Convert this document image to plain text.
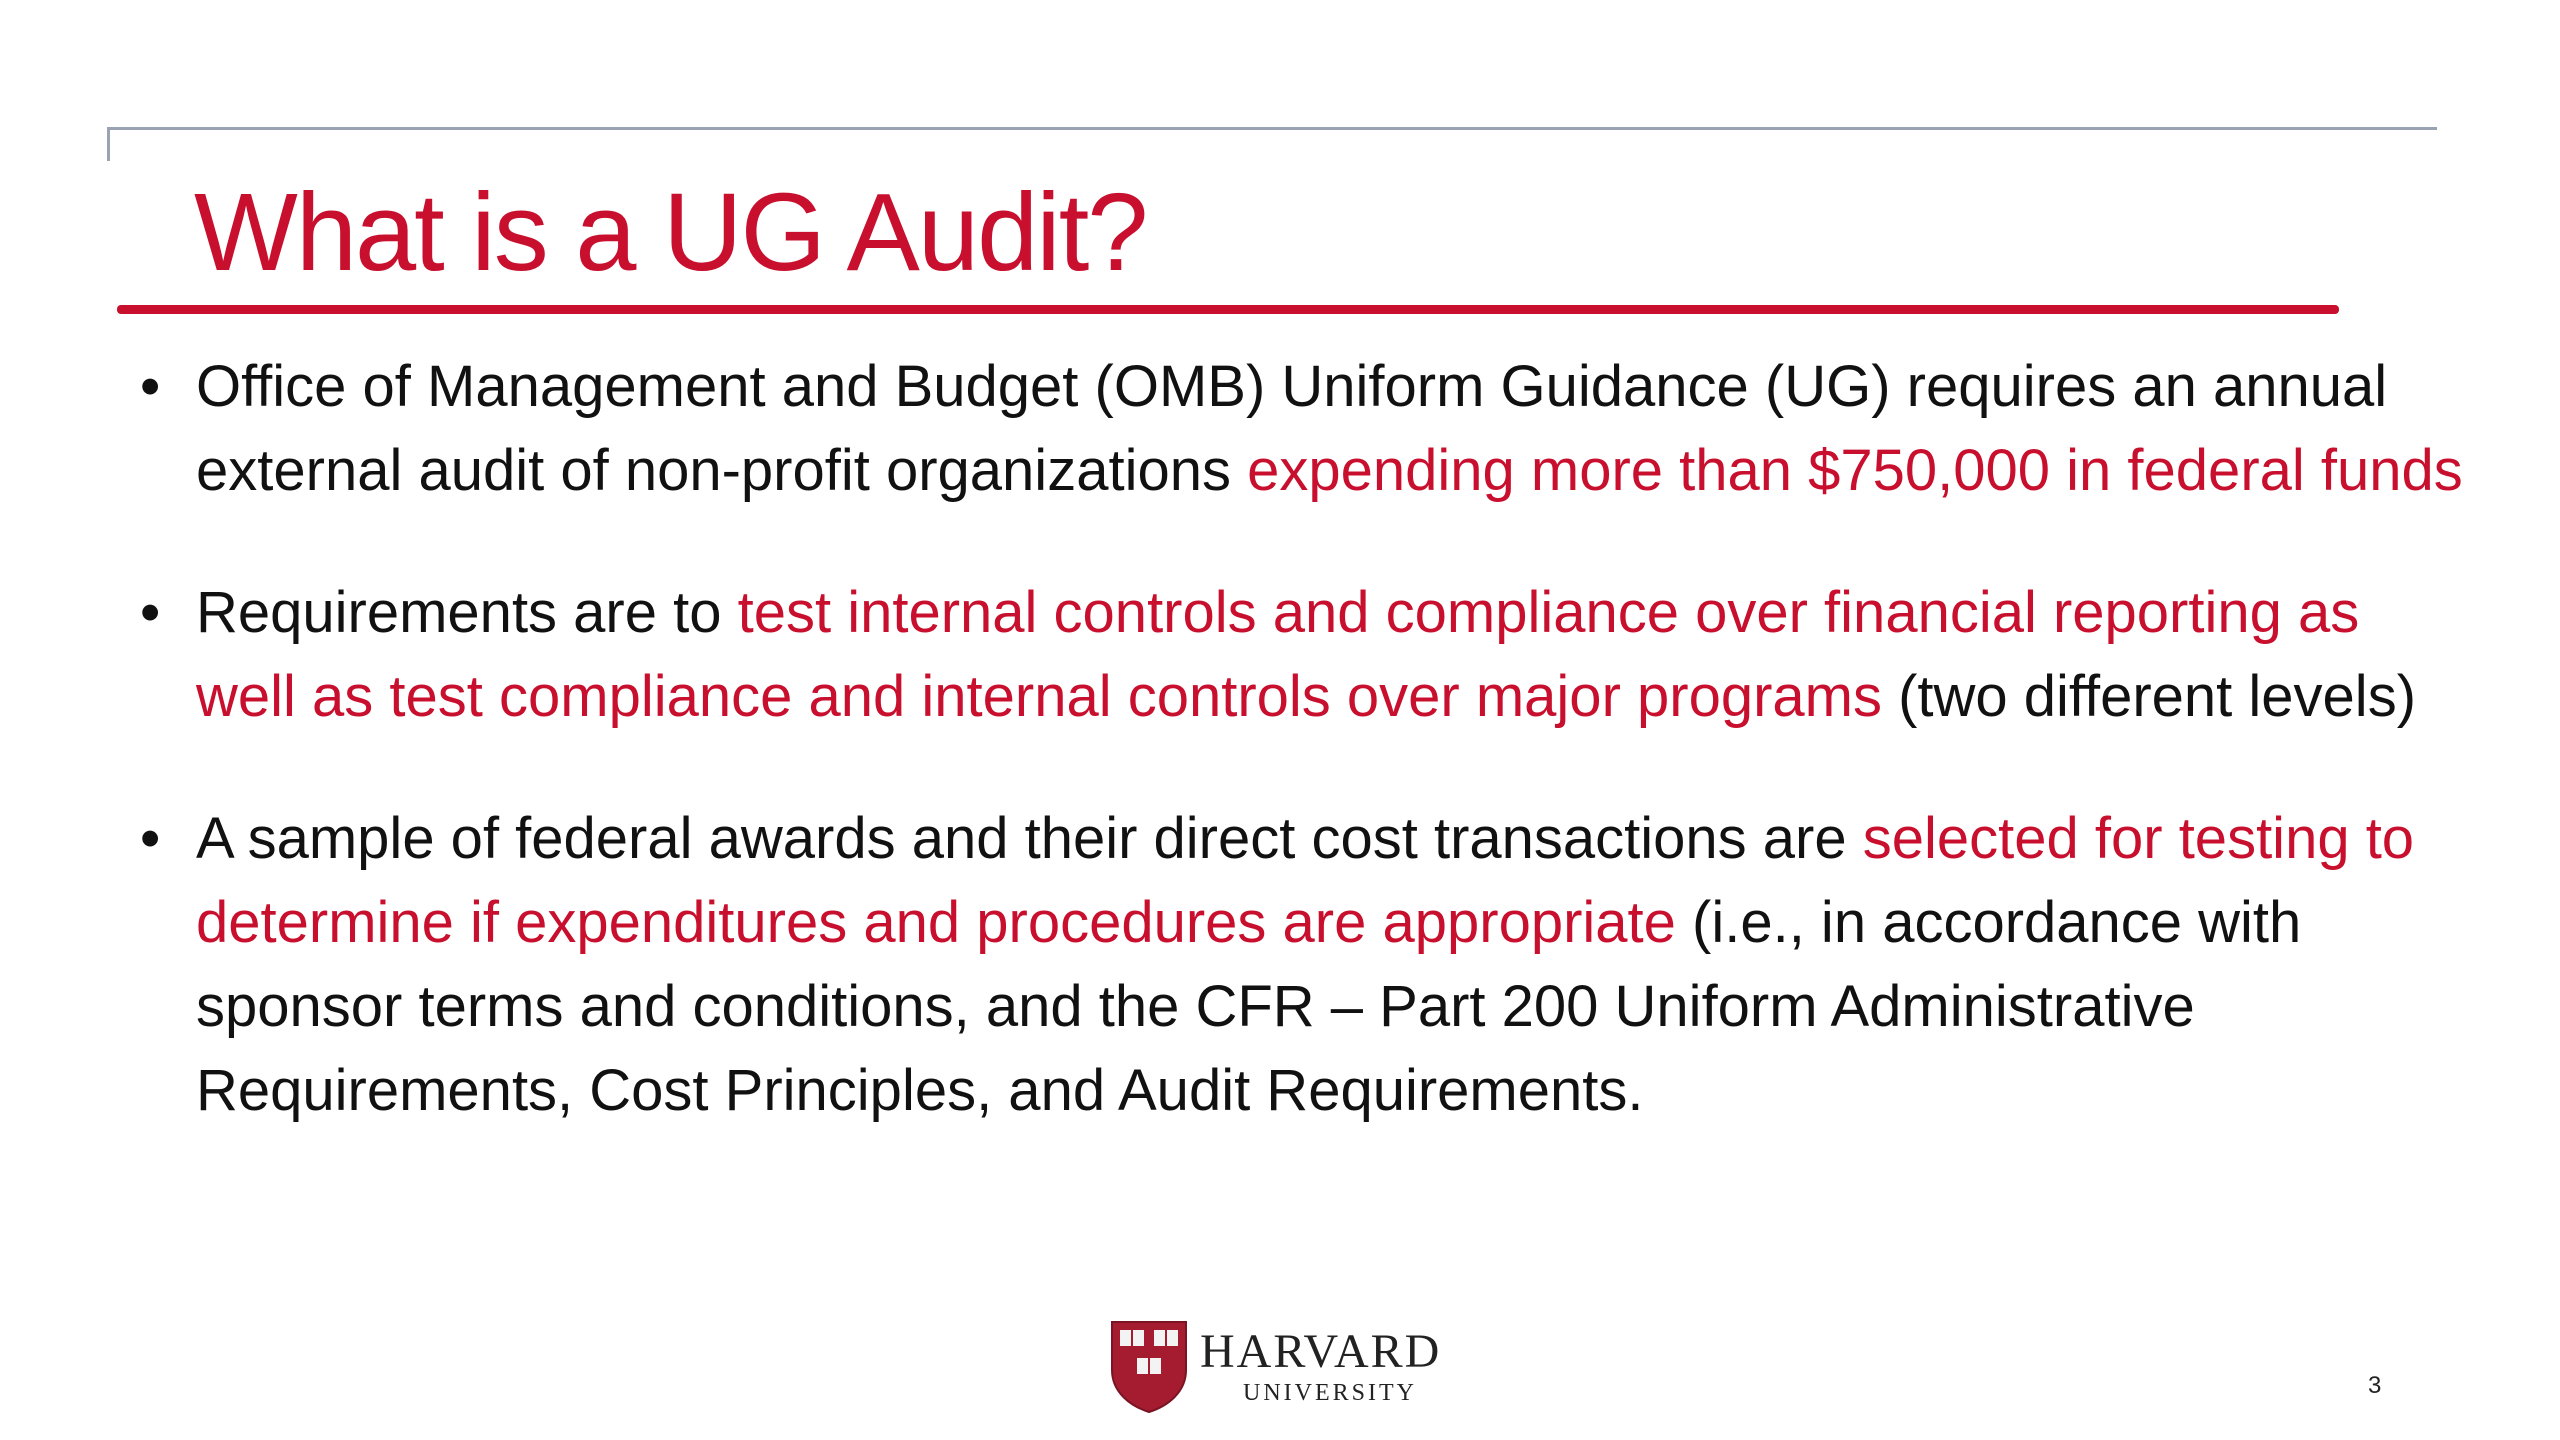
What is a UG Audit?
• Office of Management and Budget (OMB) Uniform Guidance (UG) requires an annual external audit of non-profit organizations expending more than $750,000 in federal funds
• Requirements are to test internal controls and compliance over financial reporting as well as test compliance and internal controls over major programs (two different levels)
• A sample of federal awards and their direct cost transactions are selected for testing to determine if expenditures and procedures are appropriate (i.e., in accordance with sponsor terms and conditions, and the CFR – Part 200 Uniform Administrative Requirements, Cost Principles, and Audit Requirements.
HARVARD
UNIVERSITY	3
